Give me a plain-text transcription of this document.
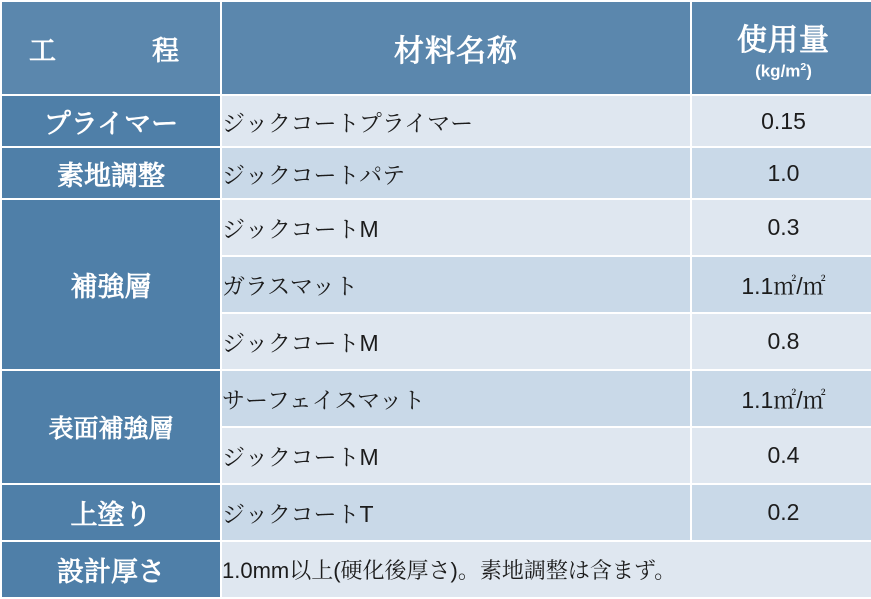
工　　程	材料名称	使用量
$(kg/m^2)$

プライマー	ジックコートプライマー	0.15
素地調整	ジックコートパテ	1.0
補強層	ジックコートM	0.3
	ガラスマット	1.1㎡/㎡
	ジックコートM	0.8
表面補強層	サーフェイスマット	1.1㎡/㎡
	ジックコートM	0.4
上塗り	ジックコートT	0.2
設計厚さ	1.0mm以上(硬化後厚さ)。素地調整は含まず。	
